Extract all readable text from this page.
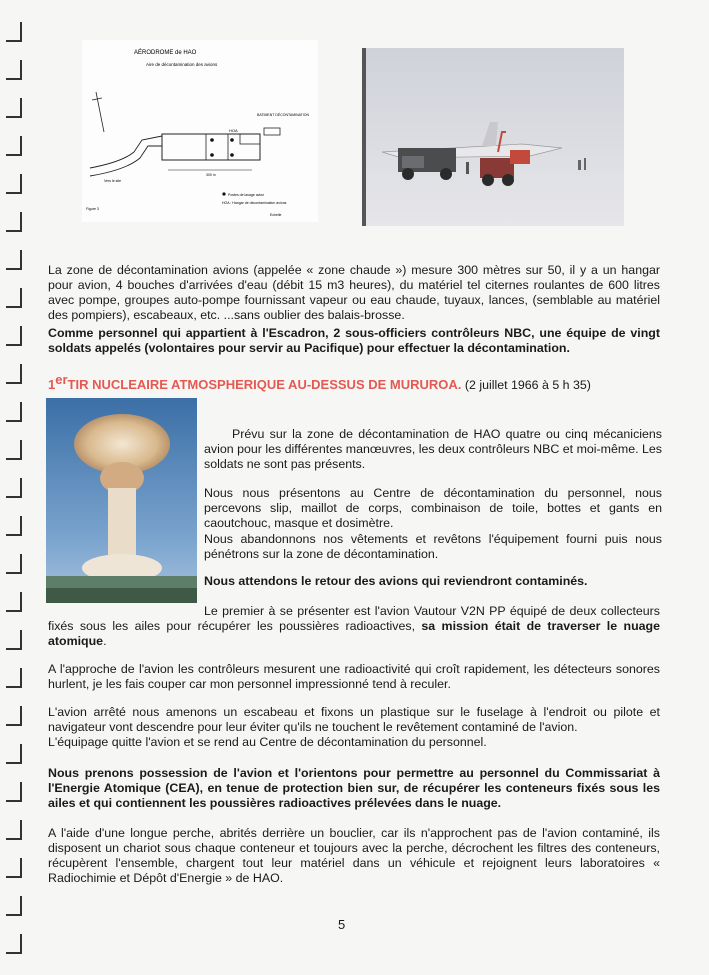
AÉRODROME de HAO
Aire de décontamination des avions
HOA
BATIMENT DÉCONTAMINATION
300 m
Vers le site
Figure 3
Postes de lavage avion
HOA : Hangar de décontamination avions
Echelle

La zone de décontamination avions (appelée « zone chaude ») mesure 300 mètres sur 50, il y a un hangar pour avion, 4 bouches d'arrivées d'eau (débit 15 m3 heures), du matériel tel citernes roulantes de 600 litres avec pompe, groupes auto-pompe fournissant vapeur ou eau chaude, tuyaux, lances, (semblable au matériel des pompiers), escabeaux, etc. ...sans oublier des balais-brosse.

Comme personnel qui appartient à l'Escadron, 2 sous-officiers contrôleurs NBC, une équipe de vingt soldats appelés (volontaires pour servir au Pacifique) pour effectuer la décontamination.

1erTIR NUCLEAIRE ATMOSPHERIQUE AU-DESSUS DE MURUROA. (2 juillet 1966 à 5 h 35)

Prévu sur la zone de décontamination de HAO quatre ou cinq mécaniciens avion pour les différentes manœuvres, les deux contrôleurs NBC et moi-même. Les soldats ne sont pas présents.

Nous nous présentons au Centre de décontamination du personnel, nous percevons slip, maillot de corps, combinaison de toile, bottes et gants en caoutchouc, masque et dosimètre.

Nous abandonnons nos vêtements et revêtons l'équipement fourni puis nous pénétrons sur la zone de décontamination.

Nous attendons le retour des avions qui reviendront contaminés.

Le premier à se présenter est l'avion Vautour V2N PP équipé de deux collecteurs fixés sous les ailes pour récupérer les poussières radioactives, sa mission était de traverser le nuage atomique.

A l'approche de l'avion les contrôleurs mesurent une radioactivité qui croît rapidement, les détecteurs sonores hurlent, je les fais couper car mon personnel impressionné tend à reculer.

L'avion arrêté nous amenons un escabeau et fixons un plastique sur le fuselage à l'endroit ou pilote et navigateur vont descendre pour leur éviter qu'ils ne touchent le revêtement contaminé de l'avion.

L'équipage quitte l'avion et se rend au Centre de décontamination du personnel.

Nous prenons possession de l'avion et l'orientons pour permettre au personnel du Commissariat à l'Energie Atomique (CEA), en tenue de protection bien sur, de récupérer les conteneurs fixés sous les ailes et qui contiennent les poussières radioactives prélevées dans le nuage.

A l'aide d'une longue perche, abrités derrière un bouclier, car ils n'approchent pas de l'avion contaminé, ils disposent un chariot sous chaque conteneur et toujours avec la perche, décrochent les filtres des conteneurs, récupèrent l'ensemble, chargent tout leur matériel dans un véhicule et rejoignent leurs laboratoires « Radiochimie et Dépôt d'Energie » de HAO.

5
